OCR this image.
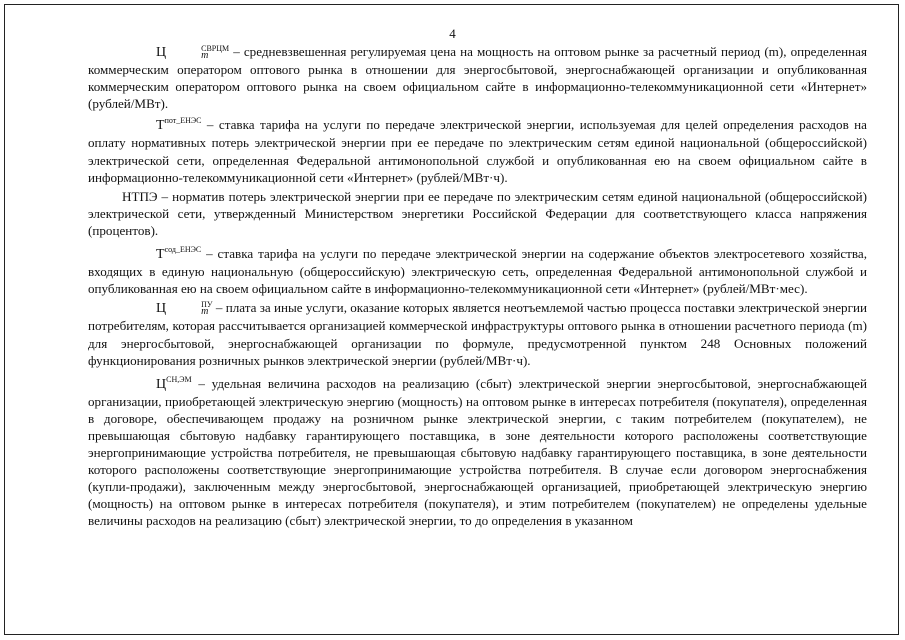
4

Ц	СВРЦМ
m	– средневзвешенная регулируемая цена на мощность на оптовом рынке за расчетный период (m), определенная коммерческим оператором оптового рынка в отношении для энергосбытовой, энергоснабжающей организации и опубликованная коммерческим оператором оптового рынка на своем официальном сайте в информационно-телекоммуникационной сети «Интернет» (рублей/МВт).

$Т^{пот\_ЕНЭС}$ – ставка тарифа на услуги по передаче электрической энергии, используемая для целей определения расходов на оплату нормативных потерь электрической энергии при ее передаче по электрическим сетям единой национальной (общероссийской) электрической сети, определенная Федеральной антимонопольной службой и опубликованная ею на своем официальном сайте в информационно-телекоммуникационной сети «Интернет» (рублей/МВт·ч).

НТПЭ – норматив потерь электрической энергии при ее передаче по электрическим сетям единой национальной (общероссийской) электрической сети, утвержденный Министерством энергетики Российской Федерации для соответствующего класса напряжения (процентов).

$Т^{сод\_ЕНЭС}$ – ставка тарифа на услуги по передаче электрической энергии на содержание объектов электросетевого хозяйства, входящих в единую национальную (общероссийскую) электрическую сеть, определенная Федеральной антимонопольной службой и опубликованная ею на своем официальном сайте в информационно-телекоммуникационной сети «Интернет» (рублей/МВт·мес).

Ц	ПУ
m – плата за иные услуги, оказание которых является неотъемлемой частью процесса поставки электрической энергии потребителям, которая рассчитывается организацией коммерческой инфраструктуры оптового рынка в отношении расчетного периода (m) для энергосбытовой, энергоснабжающей организации по формуле, предусмотренной пунктом 248 Основных положений функционирования розничных рынков электрической энергии (рублей/МВт·ч).

$Ц^{СН,ЭМ}$ – удельная величина расходов на реализацию (сбыт) электрической энергии энергосбытовой, энергоснабжающей организации, приобретающей электрическую энергию (мощность) на оптовом рынке в интересах потребителя (покупателя), определенная в договоре, обеспечивающем продажу на розничном рынке электрической энергии, с таким потребителем (покупателем), не превышающая сбытовую надбавку гарантирующего поставщика, в зоне деятельности которого расположены соответствующие энергопринимающие устройства потребителя, не превышающая сбытовую надбавку гарантирующего поставщика, в зоне деятельности которого расположены соответствующие энергопринимающие устройства потребителя. В случае если договором энергоснабжения (купли-продажи), заключенным между энергосбытовой, энергоснабжающей организацией, приобретающей электрическую энергию (мощность) на оптовом рынке в интересах потребителя (покупателя), и этим потребителем (покупателем) не определены удельные величины расходов на реализацию (сбыт) электрической энергии, то до определения в указанном
